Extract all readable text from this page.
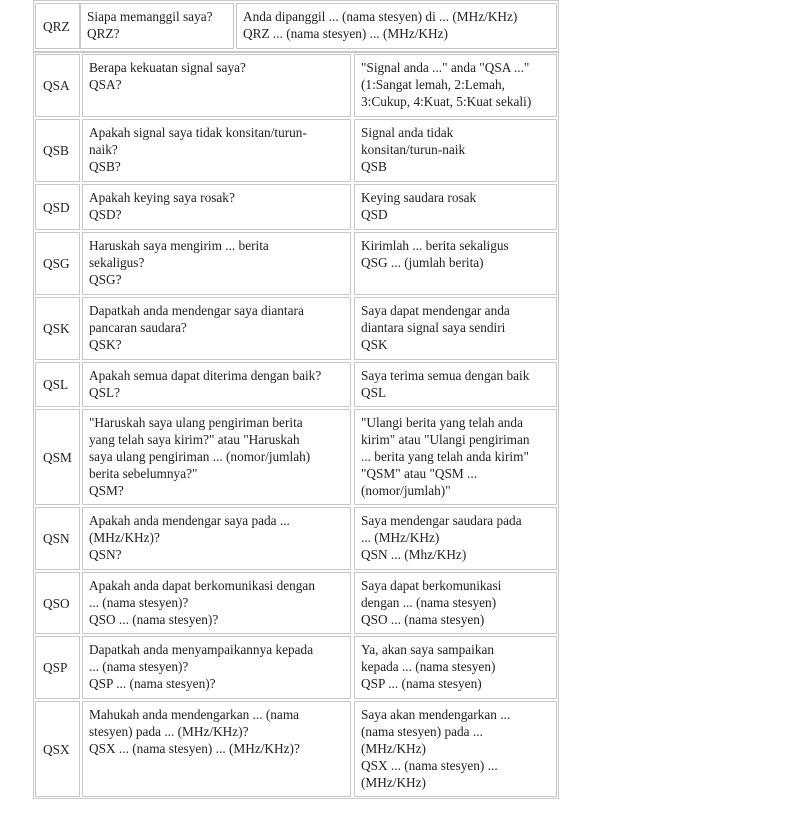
QRZ
Siapa memanggil saya?
QRZ?
Anda dipanggil ... (nama stesyen) di ... (MHz/KHz)
QRZ ... (nama stesyen) ... (MHz/KHz)
QSA
Berapa kekuatan signal saya?
QSA?
"Signal anda ..." anda "QSA ..."
(1:Sangat lemah, 2:Lemah,
3:Cukup, 4:Kuat, 5:Kuat sekali)
QSB
Apakah signal saya tidak konsitan/turun-
naik?
QSB?
Signal anda tidak
konsitan/turun-naik
QSB
QSD
Apakah keying saya rosak?
QSD?
Keying saudara rosak
QSD
QSG
Haruskah saya mengirim ... berita
sekaligus?
QSG?
Kirimlah ... berita sekaligus
QSG ... (jumlah berita)
QSK
Dapatkah anda mendengar saya diantara
pancaran saudara?
QSK?
Saya dapat mendengar anda
diantara signal saya sendiri
QSK
QSL
Apakah semua dapat diterima dengan baik?
QSL?
Saya terima semua dengan baik
QSL
QSM
"Haruskah saya ulang pengiriman berita
yang telah saya kirim?" atau "Haruskah
saya ulang pengiriman ... (nomor/jumlah)
berita sebelumnya?"
QSM?
"Ulangi berita yang telah anda
kirim" atau "Ulangi pengiriman
... berita yang telah anda kirim"
"QSM" atau "QSM ...
(nomor/jumlah)"
QSN
Apakah anda mendengar saya pada ...
(MHz/KHz)?
QSN?
Saya mendengar saudara pada
... (MHz/KHz)
QSN ... (Mhz/KHz)
QSO
Apakah anda dapat berkomunikasi dengan
... (nama stesyen)?
QSO ... (nama stesyen)?
Saya dapat berkomunikasi
dengan ... (nama stesyen)
QSO ... (nama stesyen)
QSP
Dapatkah anda menyampaikannya kepada
... (nama stesyen)?
QSP ... (nama stesyen)?
Ya, akan saya sampaikan
kepada ... (nama stesyen)
QSP ... (nama stesyen)
QSX
Mahukah anda mendengarkan ... (nama
stesyen) pada ... (MHz/KHz)?
QSX ... (nama stesyen) ... (MHz/KHz)?
Saya akan mendengarkan ...
(nama stesyen) pada ...
(MHz/KHz)
QSX ... (nama stesyen) ...
(MHz/KHz)
